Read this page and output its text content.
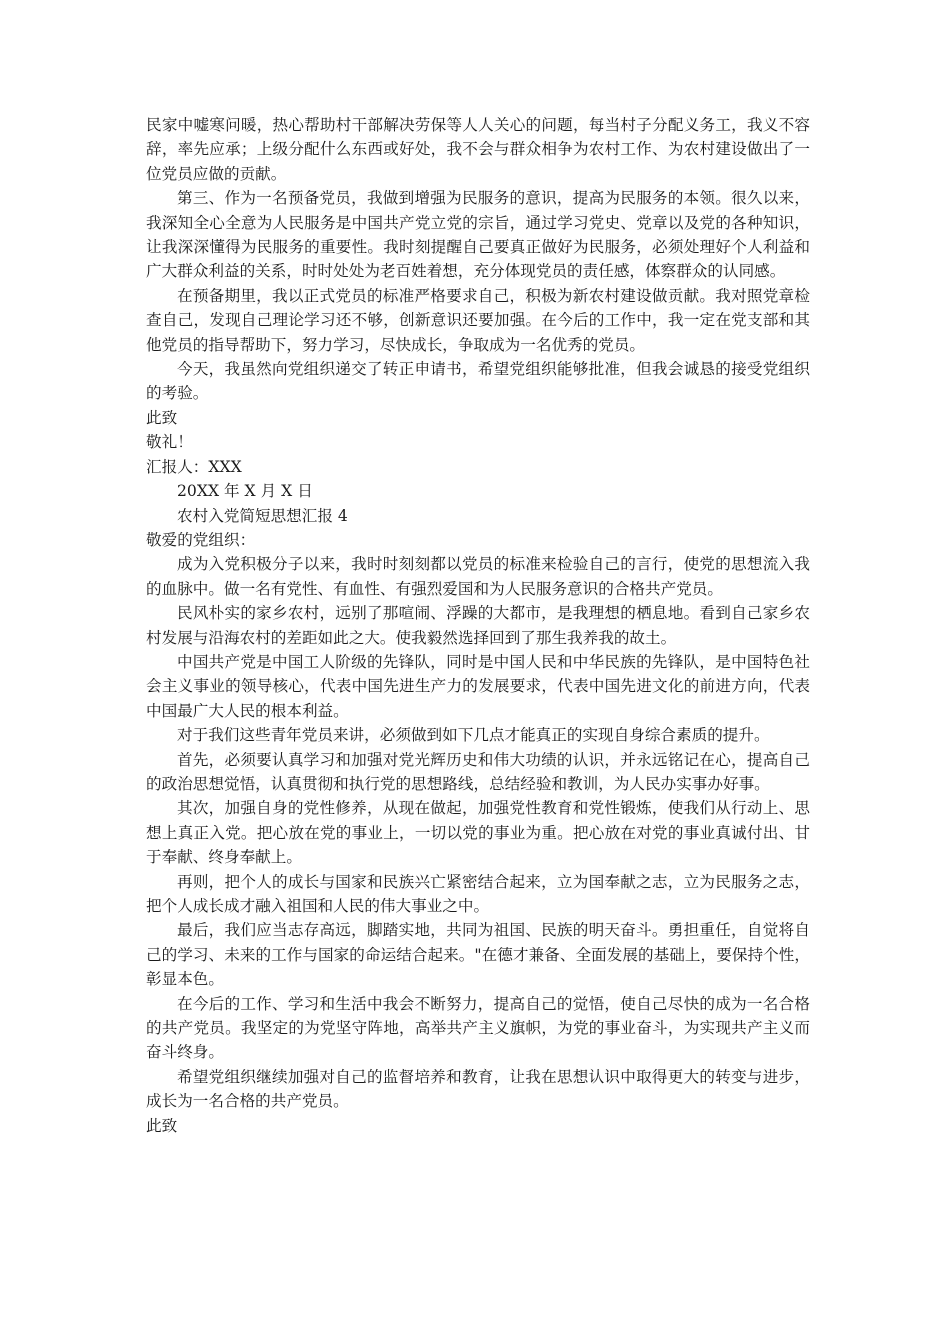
民家中嘘寒问暖，热心帮助村干部解决劳保等人人关心的问题，每当村子分配义务工，我义不容辞，率先应承；上级分配什么东西或好处，我不会与群众相争为农村工作、为农村建设做出了一位党员应做的贡献。

第三、作为一名预备党员，我做到增强为民服务的意识，提高为民服务的本领。很久以来，我深知全心全意为人民服务是中国共产党立党的宗旨，通过学习党史、党章以及党的各种知识，让我深深懂得为民服务的重要性。我时刻提醒自己要真正做好为民服务，必须处理好个人利益和广大群众利益的关系，时时处处为老百姓着想，充分体现党员的责任感，体察群众的认同感。

在预备期里，我以正式党员的标准严格要求自己，积极为新农村建设做贡献。我对照党章检查自己，发现自己理论学习还不够，创新意识还要加强。在今后的工作中，我一定在党支部和其他党员的指导帮助下，努力学习，尽快成长，争取成为一名优秀的党员。

今天，我虽然向党组织递交了转正申请书，希望党组织能够批准，但我会诚恳的接受党组织的考验。

此致

敬礼！

汇报人：XXX

20XX 年 X 月 X 日

农村入党简短思想汇报 4

敬爱的党组织：

成为入党积极分子以来，我时时刻刻都以党员的标准来检验自己的言行，使党的思想流入我的血脉中。做一名有党性、有血性、有强烈爱国和为人民服务意识的合格共产党员。

民风朴实的家乡农村，远别了那喧闹、浮躁的大都市，是我理想的栖息地。看到自己家乡农村发展与沿海农村的差距如此之大。使我毅然选择回到了那生我养我的故土。

中国共产党是中国工人阶级的先锋队，同时是中国人民和中华民族的先锋队，是中国特色社会主义事业的领导核心，代表中国先进生产力的发展要求，代表中国先进文化的前进方向，代表中国最广大人民的根本利益。

对于我们这些青年党员来讲，必须做到如下几点才能真正的实现自身综合素质的提升。

首先，必须要认真学习和加强对党光辉历史和伟大功绩的认识，并永远铭记在心，提高自己的政治思想觉悟，认真贯彻和执行党的思想路线，总结经验和教训，为人民办实事办好事。

其次，加强自身的党性修养，从现在做起，加强党性教育和党性锻炼，使我们从行动上、思想上真正入党。把心放在党的事业上，一切以党的事业为重。把心放在对党的事业真诚付出、甘于奉献、终身奉献上。

再则，把个人的成长与国家和民族兴亡紧密结合起来，立为国奉献之志，立为民服务之志，把个人成长成才融入祖国和人民的伟大事业之中。

最后，我们应当志存高远，脚踏实地，共同为祖国、民族的明天奋斗。勇担重任，自觉将自己的学习、未来的工作与国家的命运结合起来。"在德才兼备、全面发展的基础上，要保持个性，彰显本色。

在今后的工作、学习和生活中我会不断努力，提高自己的觉悟，使自己尽快的成为一名合格的共产党员。我坚定的为党坚守阵地，高举共产主义旗帜，为党的事业奋斗，为实现共产主义而奋斗终身。

希望党组织继续加强对自己的监督培养和教育，让我在思想认识中取得更大的转变与进步，成长为一名合格的共产党员。

此致
